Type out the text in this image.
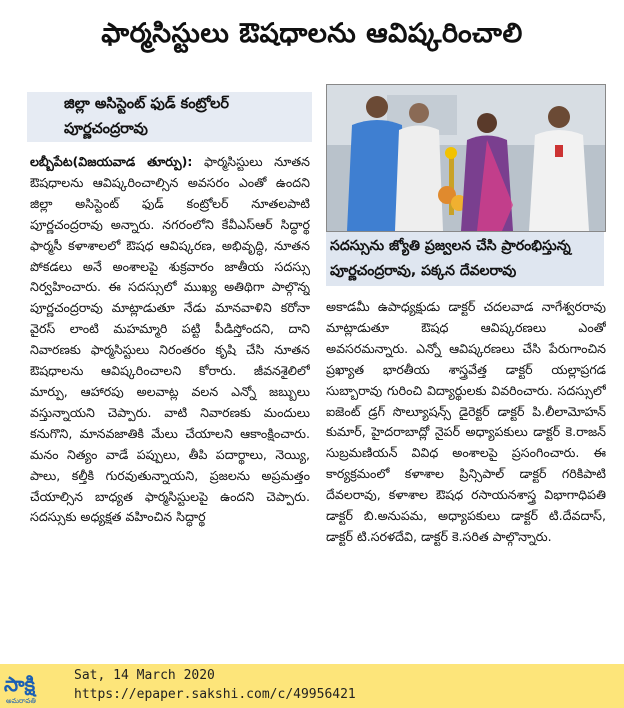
ఫార్మసిస్టులు ఔషధాలను ఆవిష్కరించాలి
జిల్లా అసిస్టెంట్ ఫుడ్ కంట్రోలర్ పూర్ణచంద్రరావు
సదస్సును జ్యోతి ప్రజ్వలన చేసి ప్రారంభిస్తున్న పూర్ణచంద్రరావు, పక్కన దేవలరావు
లబ్బీపేట(విజయవాడ తూర్పు): ఫార్మసిస్టులు నూతన ఔషధాలను ఆవిష్కరించాల్సిన అవసరం ఎంతో ఉందని జిల్లా అసిస్టెంట్ ఫుడ్ కంట్రోలర్ నూతలపాటి పూర్ణచంద్రరావు అన్నారు. నగరంలోని కేవీఎస్ఆర్ సిద్ధార్థ ఫార్మసీ కళాశాలలో ఔషధ ఆవిష్కరణ, అభివృద్ధి, నూతన పోకడలు అనే అంశాలపై శుక్రవారం జాతీయ సదస్సు నిర్వహించారు. ఈ సదస్సులో ముఖ్య అతిథిగా పాల్గొన్న పూర్ణచంద్రరావు మాట్లాడుతూ నేడు మానవాళిని కరోనా వైరస్ లాంటి మహమ్మారి పట్టి పీడిస్తోందని, దాని నివారణకు ఫార్మసిస్టులు నిరంతరం కృషి చేసి నూతన ఔషధాలను ఆవిష్కరించాలని కోరారు. జీవనశైలిలో మార్పు, ఆహారపు అలవాట్ల వలన ఎన్నో జబ్బులు వస్తున్నాయని చెప్పారు. వాటి నివారణకు మందులు కనుగొని, మానవజాతికి మేలు చేయాలని ఆకాంక్షించారు. మనం నిత్యం వాడే పప్పులు, తీపి పదార్థాలు, నెయ్యి, పాలు, కల్తీకి గురవుతున్నాయని, ప్రజలను అప్రమత్తం చేయాల్సిన బాధ్యత ఫార్మసిస్టులపై ఉందని చెప్పారు. సదస్సుకు అధ్యక్షత వహించిన సిద్ధార్థ
అకాడమీ ఉపాధ్యక్షుడు డాక్టర్ చదలవాడ నాగేశ్వరరావు మాట్లాడుతూ ఔషధ ఆవిష్కరణలు ఎంతో అవసరమన్నారు. ఎన్నో ఆవిష్కరణలు చేసి పేరుగాంచిన ప్రఖ్యాత భారతీయ శాస్త్రవేత్త డాక్టర్ యల్లాప్రగడ సుబ్బారావు గురించి విద్యార్థులకు వివరించారు. సదస్సులో ఐజెంట్ డ్రగ్ సొల్యూషన్స్ డైరెక్టర్ డాక్టర్ పి.లీలామోహన్ కుమార్, హైదరాబాద్లో నైపర్ అధ్యాపకులు డాక్టర్ కె.రాజన్ సుబ్రమణియన్ వివిధ అంశాలపై ప్రసంగించారు. ఈ కార్యక్రమంలో కళాశాల ప్రిన్సిపాల్ డాక్టర్ గరికిపాటి దేవలరావు, కళాశాల ఔషధ రసాయనశాస్త్ర విభాగాధిపతి డాక్టర్ బి.అనుపమ, అధ్యాపకులు డాక్టర్ టి.దేవదాస్, డాక్టర్ టి.సరళదేవి, డాక్టర్ కె.సరిత పాల్గొన్నారు.
సాక్షి
అమరావతి
Sat, 14 March 2020
https://epaper.sakshi.com/c/49956421
